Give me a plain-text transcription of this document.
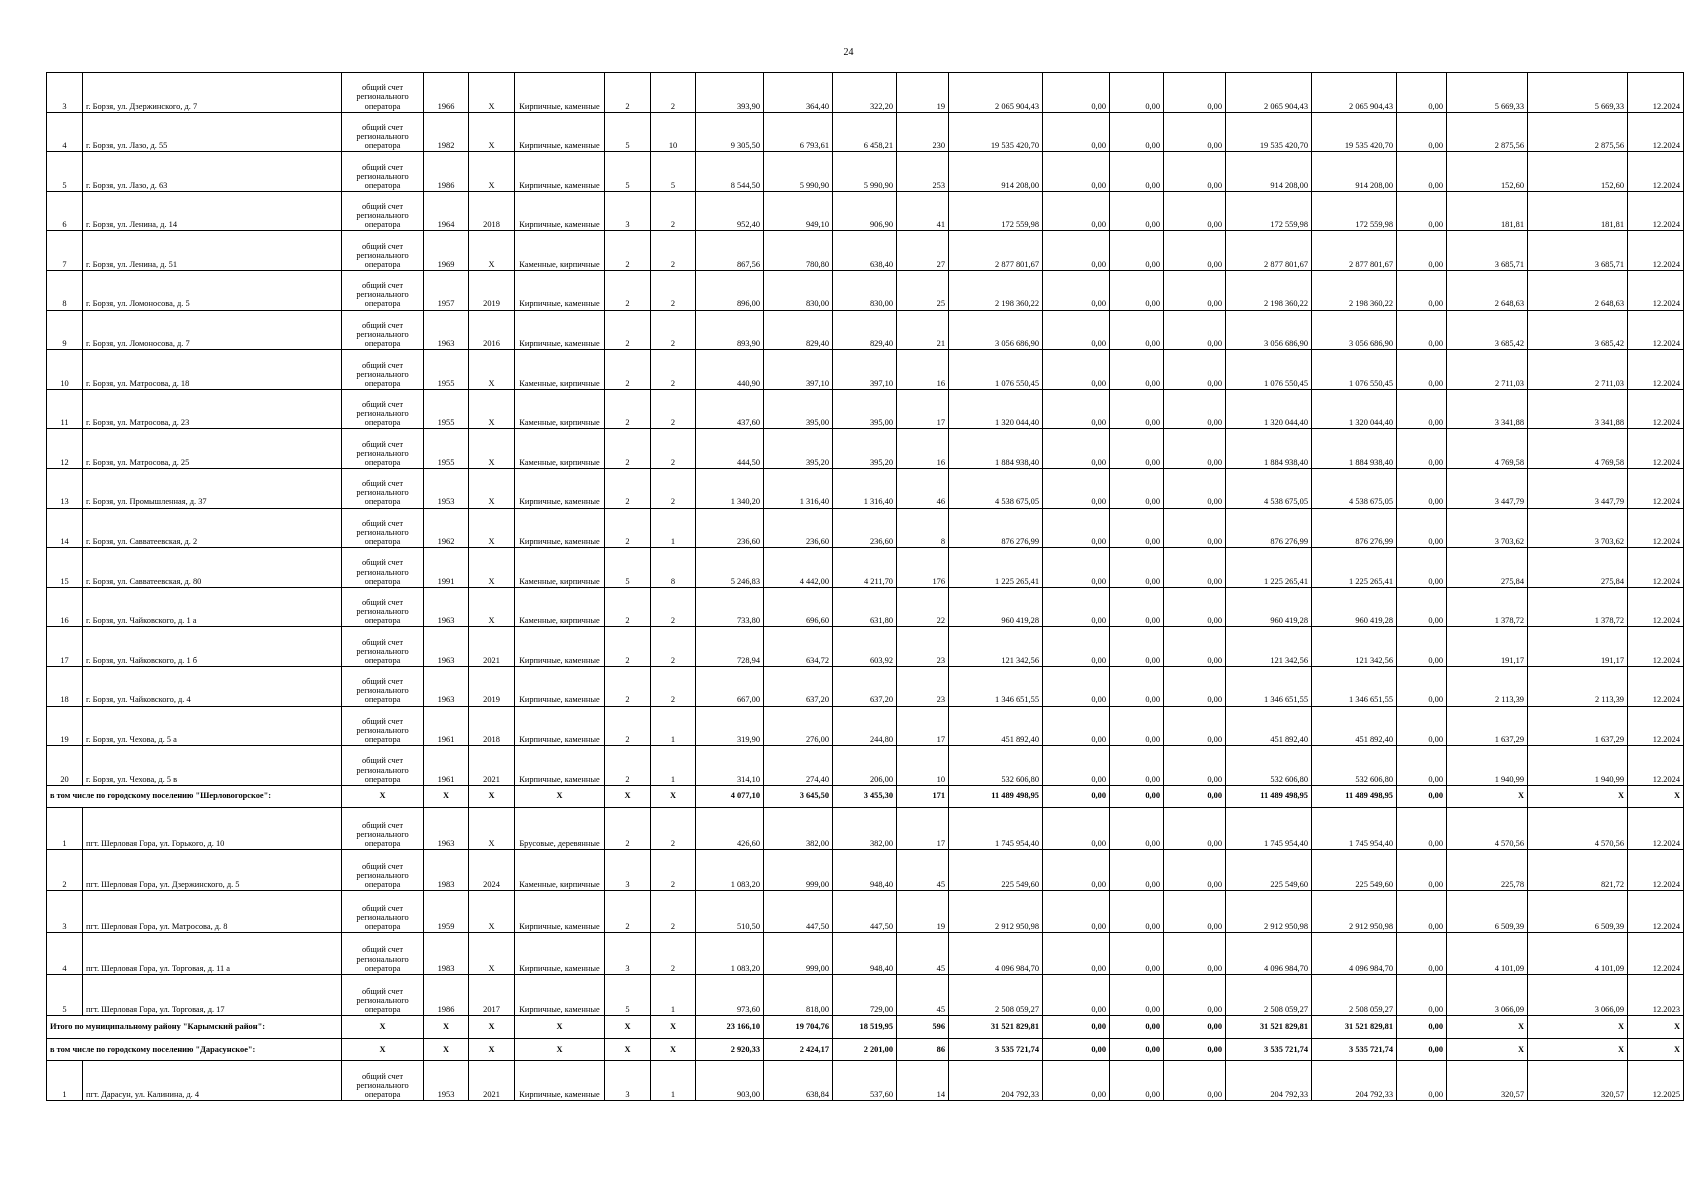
24
3	г. Борзя, ул. Дзержинского, д. 7	общий счет регионального оператора	1966	Х	Кирпичные, каменные	2	2	393,90	364,40	322,20	19	2 065 904,43	0,00	0,00	0,00	2 065 904,43	2 065 904,43	0,00	5 669,33	5 669,33	12.2024
4	г. Борзя, ул. Лазо, д. 55	общий счет регионального оператора	1982	Х	Кирпичные, каменные	5	10	9 305,50	6 793,61	6 458,21	230	19 535 420,70	0,00	0,00	0,00	19 535 420,70	19 535 420,70	0,00	2 875,56	2 875,56	12.2024
5	г. Борзя, ул. Лазо, д. 63	общий счет регионального оператора	1986	Х	Кирпичные, каменные	5	5	8 544,50	5 990,90	5 990,90	253	914 208,00	0,00	0,00	0,00	914 208,00	914 208,00	0,00	152,60	152,60	12.2024
6	г. Борзя, ул. Ленина, д. 14	общий счет регионального оператора	1964	2018	Кирпичные, каменные	3	2	952,40	949,10	906,90	41	172 559,98	0,00	0,00	0,00	172 559,98	172 559,98	0,00	181,81	181,81	12.2024
7	г. Борзя, ул. Ленина, д. 51	общий счет регионального оператора	1969	Х	Каменные, кирпичные	2	2	867,56	780,80	638,40	27	2 877 801,67	0,00	0,00	0,00	2 877 801,67	2 877 801,67	0,00	3 685,71	3 685,71	12.2024
8	г. Борзя, ул. Ломоносова, д. 5	общий счет регионального оператора	1957	2019	Кирпичные, каменные	2	2	896,00	830,00	830,00	25	2 198 360,22	0,00	0,00	0,00	2 198 360,22	2 198 360,22	0,00	2 648,63	2 648,63	12.2024
9	г. Борзя, ул. Ломоносова, д. 7	общий счет регионального оператора	1963	2016	Кирпичные, каменные	2	2	893,90	829,40	829,40	21	3 056 686,90	0,00	0,00	0,00	3 056 686,90	3 056 686,90	0,00	3 685,42	3 685,42	12.2024
10	г. Борзя, ул. Матросова, д. 18	общий счет регионального оператора	1955	Х	Каменные, кирпичные	2	2	440,90	397,10	397,10	16	1 076 550,45	0,00	0,00	0,00	1 076 550,45	1 076 550,45	0,00	2 711,03	2 711,03	12.2024
11	г. Борзя, ул. Матросова, д. 23	общий счет регионального оператора	1955	Х	Каменные, кирпичные	2	2	437,60	395,00	395,00	17	1 320 044,40	0,00	0,00	0,00	1 320 044,40	1 320 044,40	0,00	3 341,88	3 341,88	12.2024
12	г. Борзя, ул. Матросова, д. 25	общий счет регионального оператора	1955	Х	Каменные, кирпичные	2	2	444,50	395,20	395,20	16	1 884 938,40	0,00	0,00	0,00	1 884 938,40	1 884 938,40	0,00	4 769,58	4 769,58	12.2024
13	г. Борзя, ул. Промышленная, д. 37	общий счет регионального оператора	1953	Х	Кирпичные, каменные	2	2	1 340,20	1 316,40	1 316,40	46	4 538 675,05	0,00	0,00	0,00	4 538 675,05	4 538 675,05	0,00	3 447,79	3 447,79	12.2024
14	г. Борзя, ул. Савватеевская, д. 2	общий счет регионального оператора	1962	Х	Кирпичные, каменные	2	1	236,60	236,60	236,60	8	876 276,99	0,00	0,00	0,00	876 276,99	876 276,99	0,00	3 703,62	3 703,62	12.2024
15	г. Борзя, ул. Савватеевская, д. 80	общий счет регионального оператора	1991	Х	Каменные, кирпичные	5	8	5 246,83	4 442,00	4 211,70	176	1 225 265,41	0,00	0,00	0,00	1 225 265,41	1 225 265,41	0,00	275,84	275,84	12.2024
16	г. Борзя, ул. Чайковского, д. 1 а	общий счет регионального оператора	1963	Х	Каменные, кирпичные	2	2	733,80	696,60	631,80	22	960 419,28	0,00	0,00	0,00	960 419,28	960 419,28	0,00	1 378,72	1 378,72	12.2024
17	г. Борзя, ул. Чайковского, д. 1 б	общий счет регионального оператора	1963	2021	Кирпичные, каменные	2	2	728,94	634,72	603,92	23	121 342,56	0,00	0,00	0,00	121 342,56	121 342,56	0,00	191,17	191,17	12.2024
18	г. Борзя, ул. Чайковского, д. 4	общий счет регионального оператора	1963	2019	Кирпичные, каменные	2	2	667,00	637,20	637,20	23	1 346 651,55	0,00	0,00	0,00	1 346 651,55	1 346 651,55	0,00	2 113,39	2 113,39	12.2024
19	г. Борзя, ул. Чехова, д. 5 а	общий счет регионального оператора	1961	2018	Кирпичные, каменные	2	1	319,90	276,00	244,80	17	451 892,40	0,00	0,00	0,00	451 892,40	451 892,40	0,00	1 637,29	1 637,29	12.2024
20	г. Борзя, ул. Чехова, д. 5 в	общий счет регионального оператора	1961	2021	Кирпичные, каменные	2	1	314,10	274,40	206,00	10	532 606,80	0,00	0,00	0,00	532 606,80	532 606,80	0,00	1 940,99	1 940,99	12.2024
в том числе по городскому поселению "Шерловогорское":		Х	Х	Х	Х	Х	Х	4 077,10	3 645,50	3 455,30	171	11 489 498,95	0,00	0,00	0,00	11 489 498,95	11 489 498,95	0,00	Х	Х	Х
1	пгт. Шерловая Гора, ул. Горького, д. 10	общий счет регионального оператора	1963	Х	Брусовые, деревянные	2	2	426,60	382,00	382,00	17	1 745 954,40	0,00	0,00	0,00	1 745 954,40	1 745 954,40	0,00	4 570,56	4 570,56	12.2024
2	пгт. Шерловая Гора, ул. Дзержинского, д. 5	общий счет регионального оператора	1983	2024	Каменные, кирпичные	3	2	1 083,20	999,00	948,40	45	225 549,60	0,00	0,00	0,00	225 549,60	225 549,60	0,00	225,78	821,72	12.2024
3	пгт. Шерловая Гора, ул. Матросова, д. 8	общий счет регионального оператора	1959	Х	Кирпичные, каменные	2	2	510,50	447,50	447,50	19	2 912 950,98	0,00	0,00	0,00	2 912 950,98	2 912 950,98	0,00	6 509,39	6 509,39	12.2024
4	пгт. Шерловая Гора, ул. Торговая, д. 11 а	общий счет регионального оператора	1983	Х	Кирпичные, каменные	3	2	1 083,20	999,00	948,40	45	4 096 984,70	0,00	0,00	0,00	4 096 984,70	4 096 984,70	0,00	4 101,09	4 101,09	12.2024
5	пгт. Шерловая Гора, ул. Торговая, д. 17	общий счет регионального оператора	1986	2017	Кирпичные, каменные	5	1	973,60	818,00	729,00	45	2 508 059,27	0,00	0,00	0,00	2 508 059,27	2 508 059,27	0,00	3 066,09	3 066,09	12.2023
Итого по муниципальному району "Карымский район":		Х	Х	Х	Х	Х	Х	23 166,10	19 704,76	18 519,95	596	31 521 829,81	0,00	0,00	0,00	31 521 829,81	31 521 829,81	0,00	Х	Х	Х
в том числе по городскому поселению "Дарасунское":		Х	Х	Х	Х	Х	Х	2 920,33	2 424,17	2 201,00	86	3 535 721,74	0,00	0,00	0,00	3 535 721,74	3 535 721,74	0,00	Х	Х	Х
1	пгт. Дарасун, ул. Калинина, д. 4	общий счет регионального оператора	1953	2021	Кирпичные, каменные	3	1	903,00	638,84	537,60	14	204 792,33	0,00	0,00	0,00	204 792,33	204 792,33	0,00	320,57	320,57	12.2025
